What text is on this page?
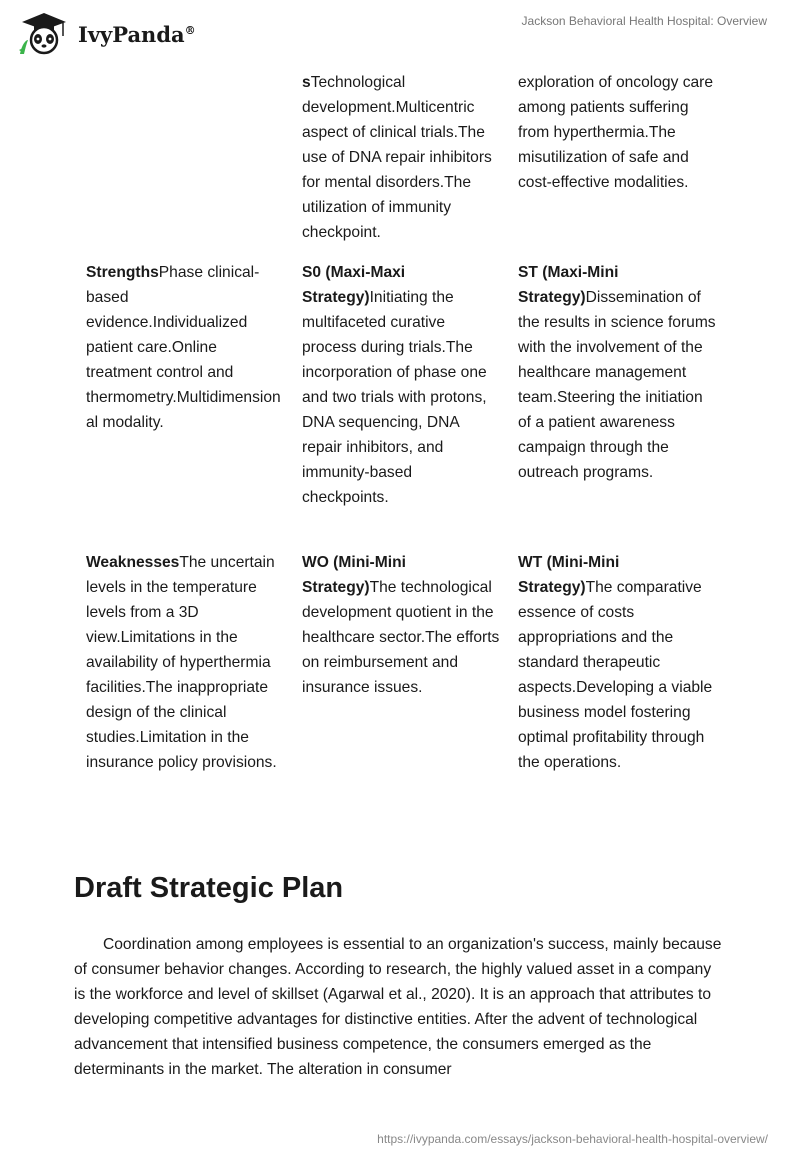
IvyPanda®
Jackson Behavioral Health Hospital: Overview
sTechnological development.Multicentric aspect of clinical trials.The use of DNA repair inhibitors for mental disorders.The utilization of immunity checkpoint.
exploration of oncology care among patients suffering from hyperthermia.The misutilization of safe and cost-effective modalities.
StrengthsPhase clinical-based evidence.Individualized patient care.Online treatment control and thermometry.Multidimensional modality.
S0 (Maxi-Maxi Strategy)Initiating the multifaceted curative process during trials.The incorporation of phase one and two trials with protons, DNA sequencing, DNA repair inhibitors, and immunity-based checkpoints.
ST (Maxi-Mini Strategy)Dissemination of the results in science forums with the involvement of the healthcare management team.Steering the initiation of a patient awareness campaign through the outreach programs.
WeaknessesThe uncertain levels in the temperature levels from a 3D view.Limitations in the availability of hyperthermia facilities.The inappropriate design of the clinical studies.Limitation in the insurance policy provisions.
WO (Mini-Mini Strategy)The technological development quotient in the healthcare sector.The efforts on reimbursement and insurance issues.
WT (Mini-Mini Strategy)The comparative essence of costs appropriations and the standard therapeutic aspects.Developing a viable business model fostering optimal profitability through the operations.
Draft Strategic Plan

Coordination among employees is essential to an organization's success, mainly because of consumer behavior changes. According to research, the highly valued asset in a company is the workforce and level of skillset (Agarwal et al., 2020). It is an approach that attributes to developing competitive advantages for distinctive entities. After the advent of technological advancement that intensified business competence, the consumers emerged as the determinants in the market. The alteration in consumer

https://ivypanda.com/essays/jackson-behavioral-health-hospital-overview/
